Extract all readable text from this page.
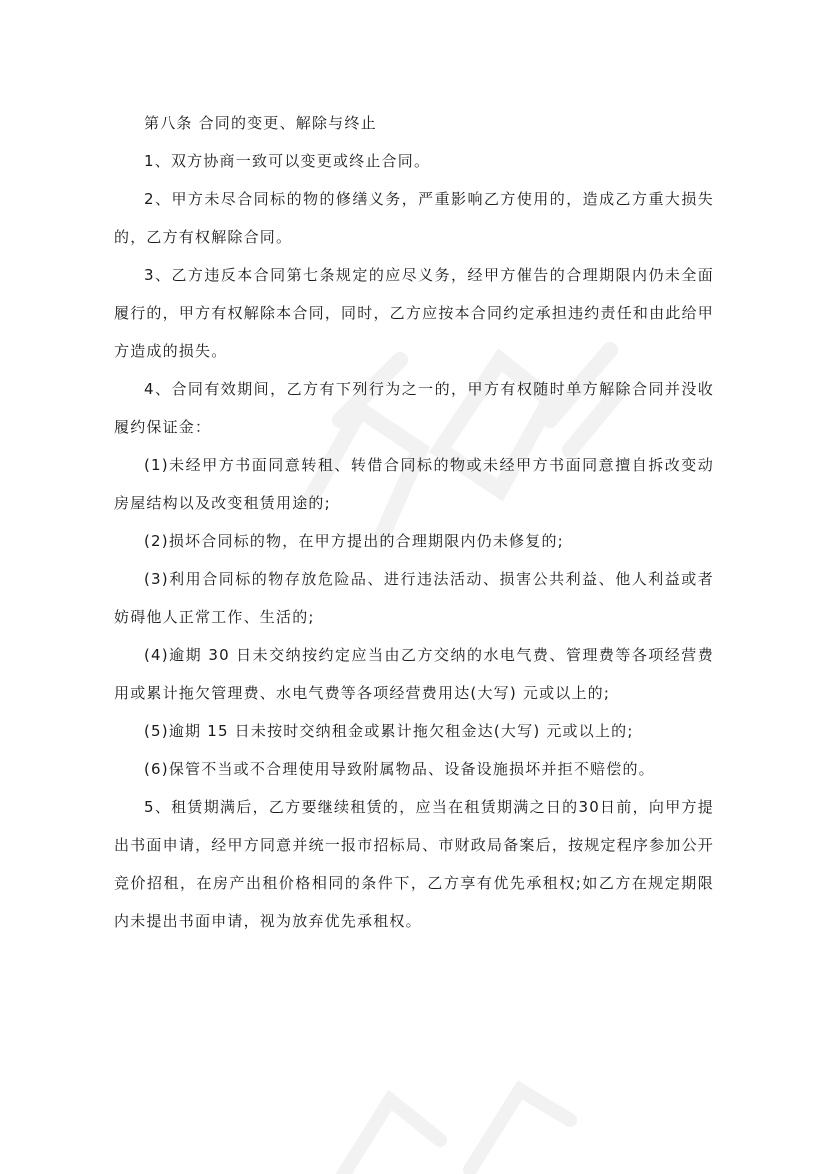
第八条 合同的变更、解除与终止

1、双方协商一致可以变更或终止合同。

2、甲方未尽合同标的物的修缮义务，严重影响乙方使用的，造成乙方重大损失的，乙方有权解除合同。

3、乙方违反本合同第七条规定的应尽义务，经甲方催告的合理期限内仍未全面履行的，甲方有权解除本合同，同时，乙方应按本合同约定承担违约责任和由此给甲方造成的损失。

4、合同有效期间，乙方有下列行为之一的，甲方有权随时单方解除合同并没收履约保证金：

(1)未经甲方书面同意转租、转借合同标的物或未经甲方书面同意擅自拆改变动房屋结构以及改变租赁用途的;

(2)损坏合同标的物，在甲方提出的合理期限内仍未修复的;

(3)利用合同标的物存放危险品、进行违法活动、损害公共利益、他人利益或者妨碍他人正常工作、生活的;

(4)逾期 30 日未交纳按约定应当由乙方交纳的水电气费、管理费等各项经营费用或累计拖欠管理费、水电气费等各项经营费用达(大写) 元或以上的;

(5)逾期 15 日未按时交纳租金或累计拖欠租金达(大写) 元或以上的;

(6)保管不当或不合理使用导致附属物品、设备设施损坏并拒不赔偿的。

5、租赁期满后，乙方要继续租赁的，应当在租赁期满之日的30日前，向甲方提出书面申请，经甲方同意并统一报市招标局、市财政局备案后，按规定程序参加公开竞价招租，在房产出租价格相同的条件下，乙方享有优先承租权;如乙方在规定期限内未提出书面申请，视为放弃优先承租权。
